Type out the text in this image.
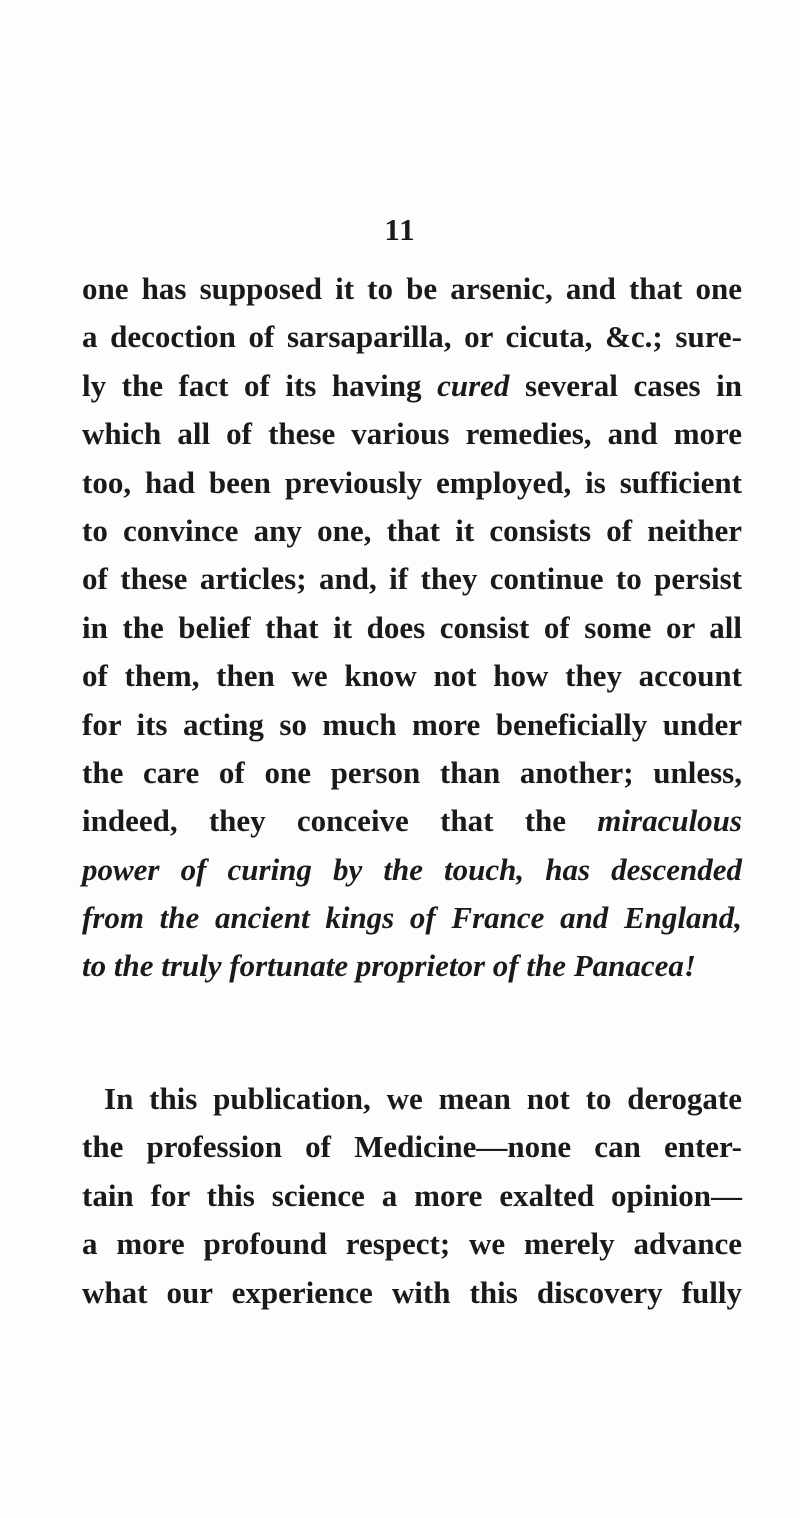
11
one has supposed it to be arsenic, and that one
a decoction of sarsaparilla, or cicuta, &c.; sure-
ly the fact of its having cured several cases in
which all of these various remedies, and more
too, had been previously employed, is sufficient
to convince any one, that it consists of neither
of these articles; and, if they continue to persist
in the belief that it does consist of some or all
of them, then we know not how they account
for its acting so much more beneficially under
the care of one person than another; unless,
indeed, they conceive that the miraculous
power of curing by the touch, has descended
from the ancient kings of France and England,
to the truly fortunate proprietor of the Panacea!
In this publication, we mean not to derogate
the profession of Medicine—none can enter-
tain for this science a more exalted opinion—
a more profound respect; we merely advance
what our experience with this discovery fully
